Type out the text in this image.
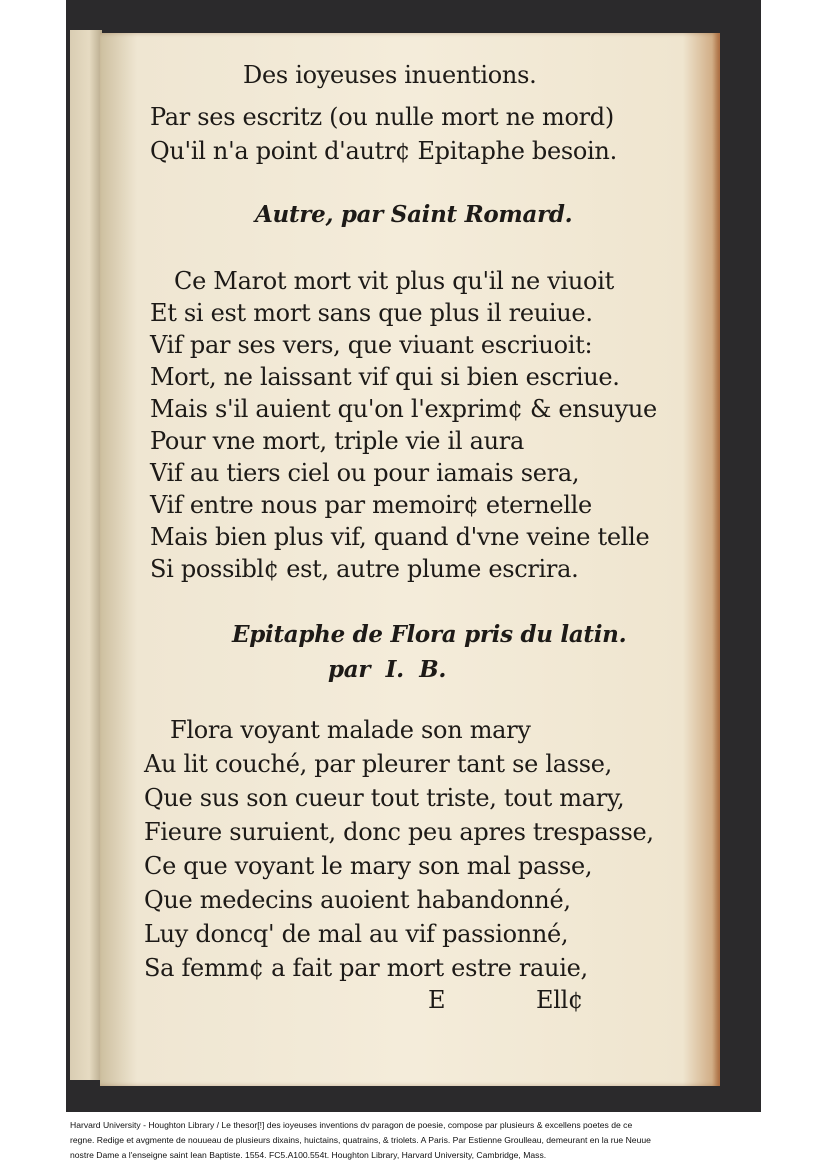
Des ioyeuses inuentions.
Par ses escritz (ou nulle mort ne mord)
Qu'il n'a point d'autr¢ Epitaphe besoin.
Autre, par Saint Romard.
Ce Marot mort vit plus qu'il ne viuoit
Et si est mort sans que plus il reuiue.
Vif par ses vers, que viuant escriuoit:
Mort, ne laissant vif qui si bien escriue.
Mais s'il auient qu'on l'exprim¢ & ensuyue
Pour vne mort, triple vie il aura
Vif au tiers ciel ou pour iamais sera,
Vif entre nous par memoir¢ eternelle
Mais bien plus vif, quand d'vne veine telle
Si possibl¢ est, autre plume escrira.
Epitaphe de Flora pris du latin.
par  I.  B.
Flora voyant malade son mary
Au lit couché, par pleurer tant se lasse,
Que sus son cueur tout triste, tout mary,
Fieure suruient, donc peu apres trespasse,
Ce que voyant le mary son mal passe,
Que medecins auoient habandonné,
Luy doncq' de mal au vif passionné,
Sa femm¢ a fait par mort estre rauie,
E	Ell¢
Harvard University - Houghton Library / Le thesor[!] des ioyeuses inventions dv paragon de poesie, compose par plusieurs & excellens poetes de ce
regne. Redige et avgmente de nouueau de plusieurs dixains, huictains, quatrains, & triolets. A Paris. Par Estienne Groulleau, demeurant en la rue Neuue
nostre Dame a l'enseigne saint Iean Baptiste. 1554. FC5.A100.554t. Houghton Library, Harvard University, Cambridge, Mass.
